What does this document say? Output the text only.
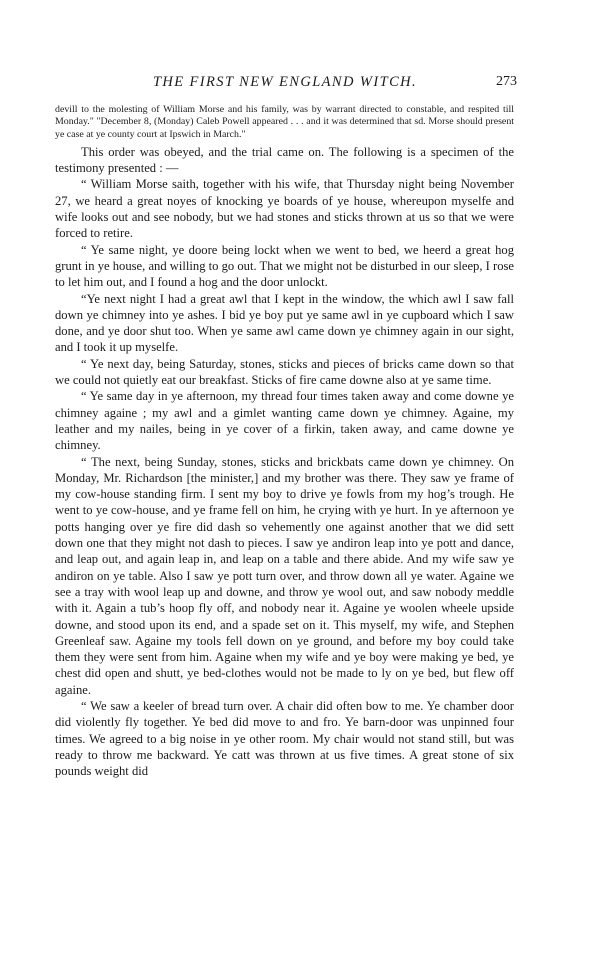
THE FIRST NEW ENGLAND WITCH.	273

devill to the molesting of William Morse and his family, was by warrant directed to constable, and respited till Monday." "December 8, (Monday) Caleb Powell appeared . . . and it was determined that sd. Morse should present ye case at ye county court at Ipswich in March."

This order was obeyed, and the trial came on. The following is a specimen of the testimony presented : —

“ William Morse saith, together with his wife, that Thursday night being November 27, we heard a great noyes of knocking ye boards of ye house, whereupon myselfe and wife looks out and see nobody, but we had stones and sticks thrown at us so that we were forced to retire.

“ Ye same night, ye doore being lockt when we went to bed, we heerd a great hog grunt in ye house, and willing to go out. That we might not be disturbed in our sleep, I rose to let him out, and I found a hog and the door unlockt.

“Ye next night I had a great awl that I kept in the window, the which awl I saw fall down ye chimney into ye ashes. I bid ye boy put ye same awl in ye cupboard which I saw done, and ye door shut too. When ye same awl came down ye chimney again in our sight, and I took it up myselfe.

“ Ye next day, being Saturday, stones, sticks and pieces of bricks came down so that we could not quietly eat our breakfast. Sticks of fire came downe also at ye same time.

“ Ye same day in ye afternoon, my thread four times taken away and come downe ye chimney againe ; my awl and a gimlet wanting came down ye chimney. Againe, my leather and my nailes, being in ye cover of a firkin, taken away, and came downe ye chimney.

“ The next, being Sunday, stones, sticks and brickbats came down ye chimney. On Monday, Mr. Richardson [the minister,] and my brother was there. They saw ye frame of my cow-house standing firm. I sent my boy to drive ye fowls from my hog’s trough. He went to ye cow-house, and ye frame fell on him, he crying with ye hurt. In ye afternoon ye potts hanging over ye fire did dash so vehemently one against another that we did sett down one that they might not dash to pieces. I saw ye andiron leap into ye pott and dance, and leap out, and again leap in, and leap on a table and there abide. And my wife saw ye andiron on ye table. Also I saw ye pott turn over, and throw down all ye water. Againe we see a tray with wool leap up and downe, and throw ye wool out, and saw nobody meddle with it. Again a tub’s hoop fly off, and nobody near it. Againe ye woolen wheele upside downe, and stood upon its end, and a spade set on it. This myself, my wife, and Stephen Greenleaf saw. Againe my tools fell down on ye ground, and before my boy could take them they were sent from him. Againe when my wife and ye boy were making ye bed, ye chest did open and shutt, ye bed-clothes would not be made to ly on ye bed, but flew off againe.

“ We saw a keeler of bread turn over. A chair did often bow to me. Ye chamber door did violently fly together. Ye bed did move to and fro. Ye barn-door was unpinned four times. We agreed to a big noise in ye other room. My chair would not stand still, but was ready to throw me backward. Ye catt was thrown at us five times. A great stone of six pounds weight did
